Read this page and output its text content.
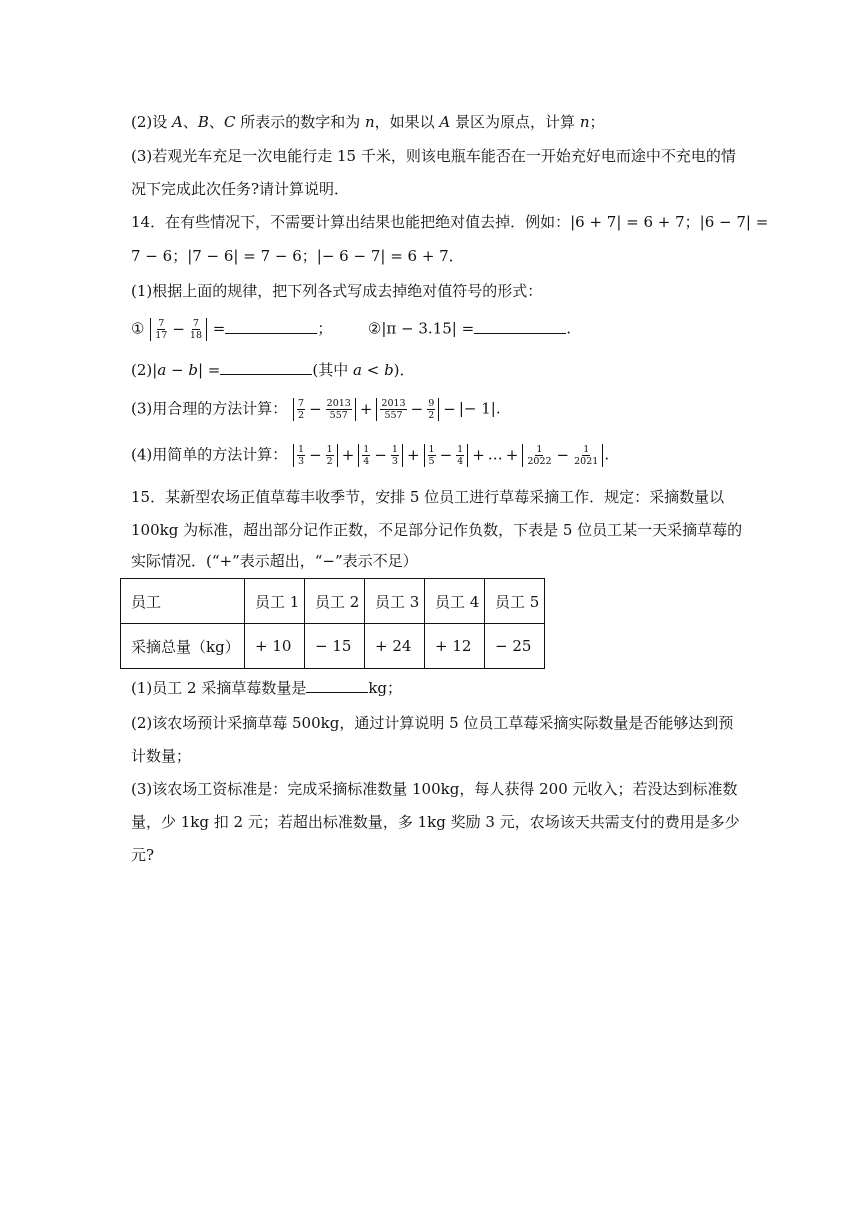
(2)设 A、B、C 所表示的数字和为 n，如果以 A 景区为原点，计算 n；
(3)若观光车充足一次电能行走 15 千米，则该电瓶车能否在一开始充好电而途中不充电的情
况下完成此次任务?请计算说明．
14．在有些情况下，不需要计算出结果也能把绝对值去掉．例如：|6 + 7| = 6 + 7；|6 − 7| =
7 − 6；|7 − 6| = 7 − 6；|− 6 − 7| = 6 + 7．
(1)根据上面的规律，把下列各式写成去掉绝对值符号的形式：
① $\frac{7}{17} - \frac{7}{18}$ =	；  ②|π − 3.15| =	.
(2)|a − b| =	(其中 a < b)．
(3)用合理的方法计算： $\frac{7}{2} - \frac{2013}{557} + \frac{2013}{557} - \frac{9}{2}$ − |− 1|.
(4)用简单的方法计算： $\frac{1}{3} - \frac{1}{2} + \frac{1}{4} - \frac{1}{3} + \frac{1}{5} - \frac{1}{4}$ + … + $\frac{1}{2022} - \frac{1}{2021}$ .
15．某新型农场正值草莓丰收季节，安排 5 位员工进行草莓采摘工作．规定：采摘数量以
100kg 为标准，超出部分记作正数，不足部分记作负数，下表是 5 位员工某一天采摘草莓的
实际情况．(“+”表示超出，“−”表示不足）
员工	员工 1	员工 2	员工 3	员工 4	员工 5
采摘总量（kg）	+ 10	− 15	+ 24	+ 12	− 25
(1)员工 2 采摘草莓数量是	kg；
(2)该农场预计采摘草莓 500kg，通过计算说明 5 位员工草莓采摘实际数量是否能够达到预
计数量；
(3)该农场工资标准是：完成采摘标准数量 100kg，每人获得 200 元收入；若没达到标准数
量，少 1kg 扣 2 元；若超出标准数量，多 1kg 奖励 3 元，农场该天共需支付的费用是多少
元?
